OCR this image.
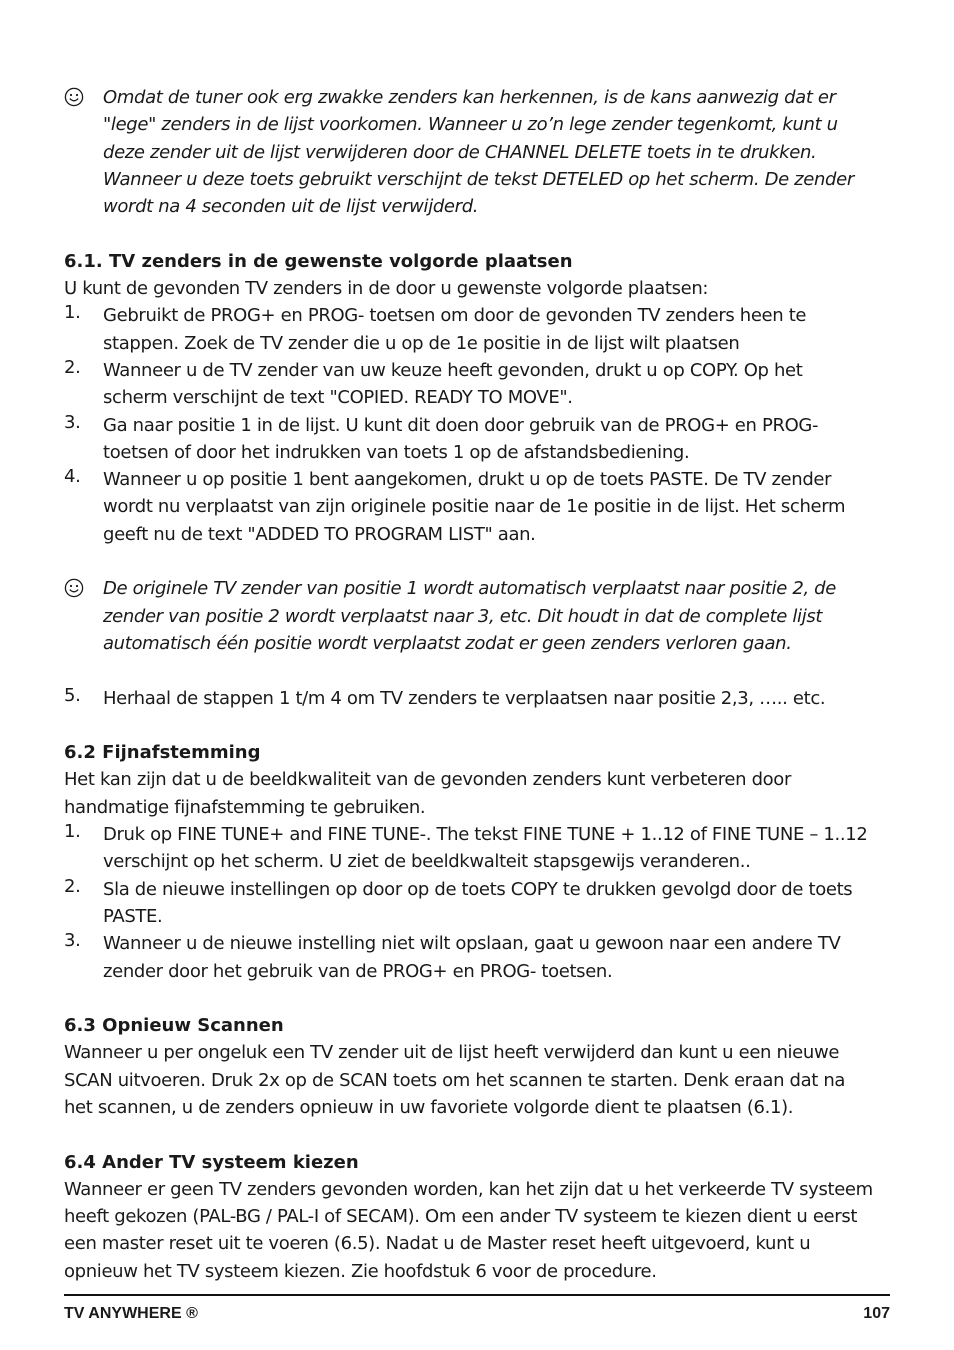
Omdat de tuner ook erg zwakke zenders kan herkennen, is de kans aanwezig dat er
"lege" zenders in de lijst voorkomen. Wanneer u zo’n lege zender tegenkomt, kunt u
deze zender uit de lijst verwijderen door de CHANNEL DELETE toets in te drukken.
Wanneer u deze toets gebruikt verschijnt de tekst DETELED op het scherm. De zender
wordt na 4 seconden uit de lijst verwijderd.
6.1. TV zenders in de gewenste volgorde plaatsen
U kunt de gevonden TV zenders in de door u gewenste volgorde plaatsen:
1. Gebruikt de PROG+ en PROG- toetsen om door de gevonden TV zenders heen te
stappen. Zoek de TV zender die u op de 1e positie in de lijst wilt plaatsen
2. Wanneer u de TV zender van uw keuze heeft gevonden, drukt u op COPY. Op het
scherm verschijnt de text "COPIED. READY TO MOVE".
3. Ga naar positie 1 in de lijst. U kunt dit doen door gebruik van de PROG+ en PROG-
toetsen of door het indrukken van toets 1 op de afstandsbediening.
4. Wanneer u op positie 1 bent aangekomen, drukt u op de toets PASTE. De TV zender
wordt nu verplaatst van zijn originele positie naar de 1e positie in de lijst. Het scherm
geeft nu de text "ADDED TO PROGRAM LIST" aan.
De originele TV zender van positie 1 wordt automatisch verplaatst naar positie 2, de
zender van positie 2 wordt verplaatst naar 3, etc. Dit houdt in dat de complete lijst
automatisch één positie wordt verplaatst zodat er geen zenders verloren gaan.
5. Herhaal de stappen 1 t/m 4 om TV zenders te verplaatsen naar positie 2,3, ….. etc.
6.2 Fijnafstemming
Het kan zijn dat u de beeldkwaliteit van de gevonden zenders kunt verbeteren door
handmatige fijnafstemming te gebruiken.
1. Druk op FINE TUNE+ and FINE TUNE-. The tekst FINE TUNE + 1..12 of FINE TUNE – 1..12
verschijnt op het scherm. U ziet de beeldkwalteit stapsgewijs veranderen..
2. Sla de nieuwe instellingen op door op de toets COPY te drukken gevolgd door de toets
PASTE.
3. Wanneer u de nieuwe instelling niet wilt opslaan, gaat u gewoon naar een andere TV
zender door het gebruik van de PROG+ en PROG- toetsen.
6.3 Opnieuw Scannen
Wanneer u per ongeluk een TV zender uit de lijst heeft verwijderd dan kunt u een nieuwe
SCAN uitvoeren. Druk 2x op de SCAN toets om het scannen te starten. Denk eraan dat na
het scannen, u de zenders opnieuw in uw favoriete volgorde dient te plaatsen (6.1).
6.4 Ander TV systeem kiezen
Wanneer er geen TV zenders gevonden worden, kan het zijn dat u het verkeerde TV systeem
heeft gekozen (PAL-BG / PAL-I of SECAM). Om een ander TV systeem te kiezen dient u eerst
een master reset uit te voeren (6.5). Nadat u de Master reset heeft uitgevoerd, kunt u
opnieuw het TV systeem kiezen. Zie hoofdstuk 6 voor de procedure.
TV ANYWHERE ®	107
